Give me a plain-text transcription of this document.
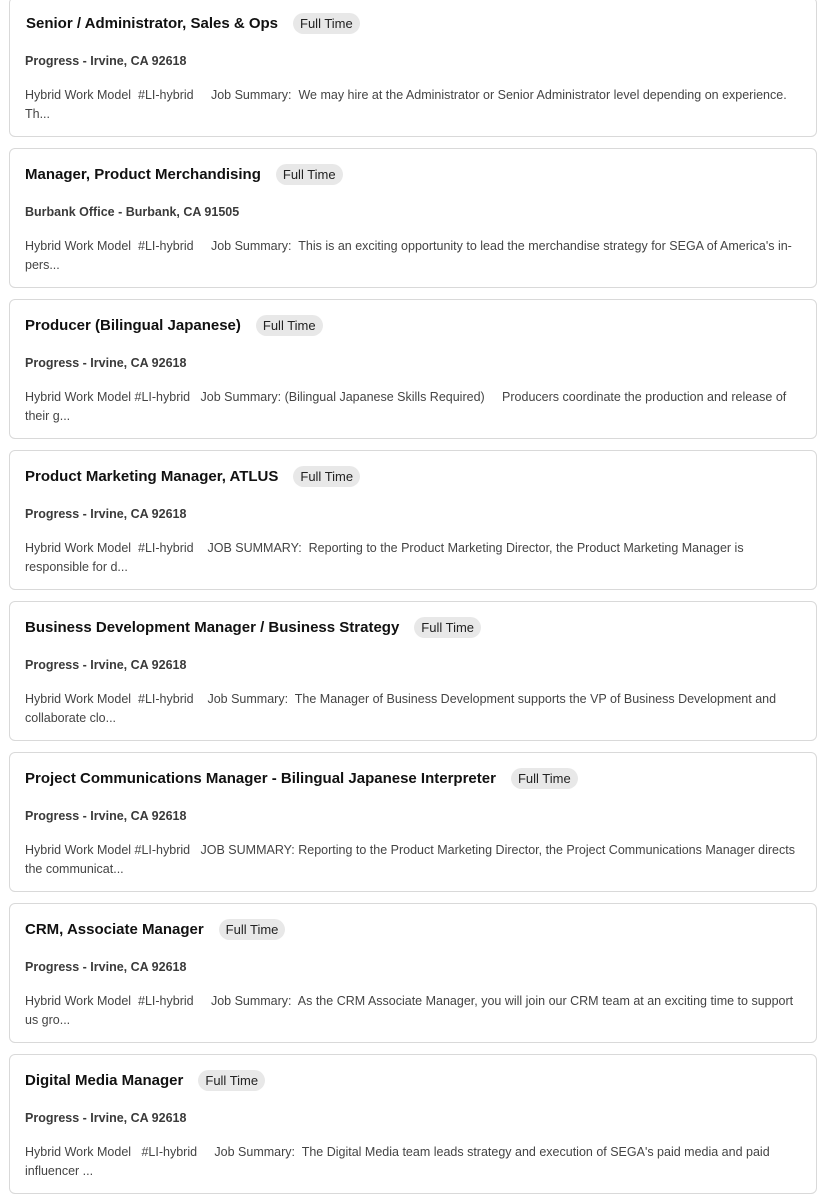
Senior / Administrator, Sales & Ops	Full Time
Progress - Irvine, CA 92618
Hybrid Work Model  #LI-hybrid     Job Summary:  We may hire at the Administrator or Senior Administrator level depending on experience.   Th...
Manager, Product Merchandising	Full Time
Burbank Office - Burbank, CA 91505
Hybrid Work Model  #LI-hybrid     Job Summary:  This is an exciting opportunity to lead the merchandise strategy for SEGA of America's in-pers...
Producer (Bilingual Japanese)	Full Time
Progress - Irvine, CA 92618
Hybrid Work Model #LI-hybrid   Job Summary: (Bilingual Japanese Skills Required)     Producers coordinate the production and release of their g...
Product Marketing Manager, ATLUS	Full Time
Progress - Irvine, CA 92618
Hybrid Work Model  #LI-hybrid    JOB SUMMARY:  Reporting to the Product Marketing Director, the Product Marketing Manager is responsible for d...
Business Development Manager / Business Strategy	Full Time
Progress - Irvine, CA 92618
Hybrid Work Model  #LI-hybrid    Job Summary:  The Manager of Business Development supports the VP of Business Development and collaborate clo...
Project Communications Manager - Bilingual Japanese Interpreter	Full Time
Progress - Irvine, CA 92618
Hybrid Work Model #LI-hybrid   JOB SUMMARY: Reporting to the Product Marketing Director, the Project Communications Manager directs the communicat...
CRM, Associate Manager	Full Time
Progress - Irvine, CA 92618
Hybrid Work Model  #LI-hybrid     Job Summary:  As the CRM Associate Manager, you will join our CRM team at an exciting time to support us gro...
Digital Media Manager	Full Time
Progress - Irvine, CA 92618
Hybrid Work Model   #LI-hybrid     Job Summary:  The Digital Media team leads strategy and execution of SEGA's paid media and paid influencer ...
